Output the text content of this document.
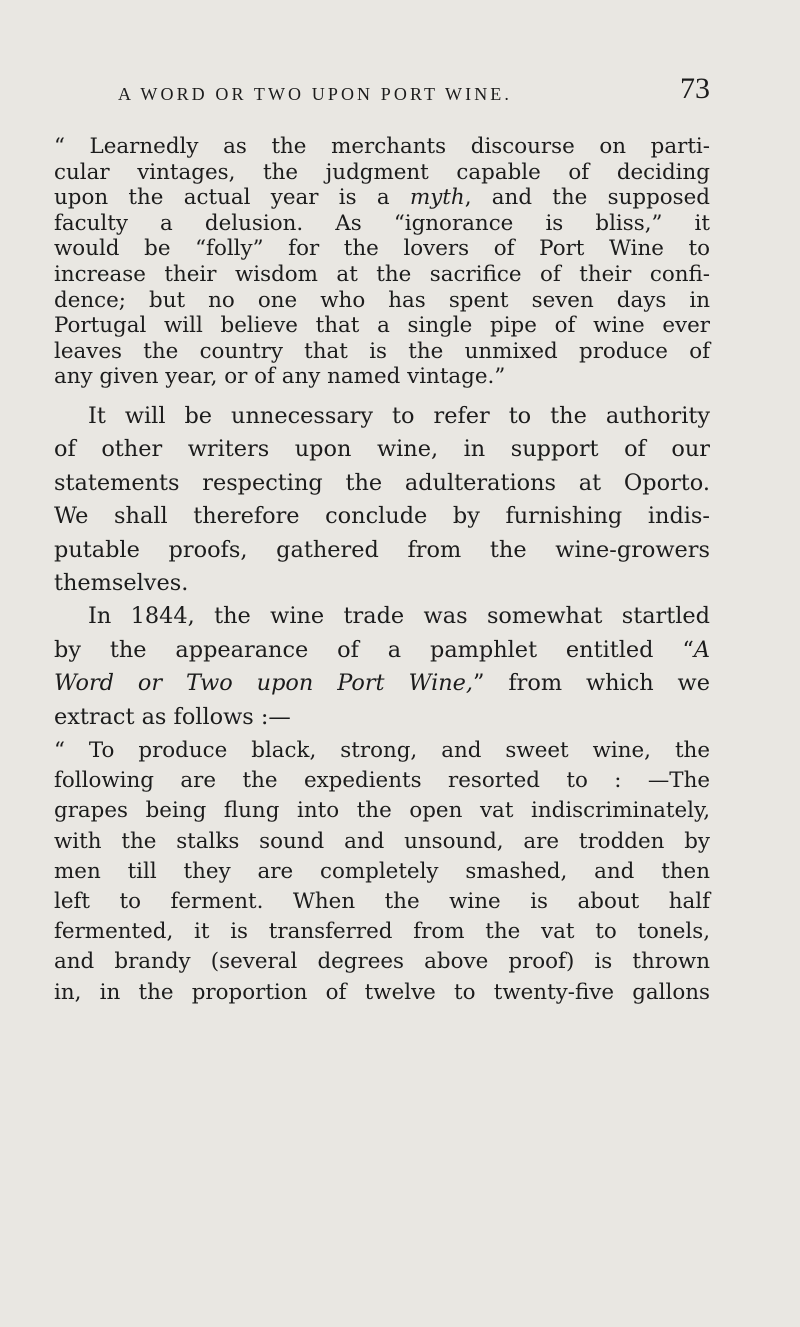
A WORD OR TWO UPON PORT WINE.	73

“ Learnedly as the merchants discourse on parti-
cular vintages, the judgment capable of deciding
upon the actual year is a myth, and the supposed
faculty a delusion. As “ignorance is bliss,” it
would be “folly” for the lovers of Port Wine to
increase their wisdom at the sacrifice of their confi-
dence; but no one who has spent seven days in
Portugal will believe that a single pipe of wine ever
leaves the country that is the unmixed produce of
any given year, or of any named vintage.”

It will be unnecessary to refer to the authority
of other writers upon wine, in support of our
statements respecting the adulterations at Oporto.
We shall therefore conclude by furnishing indis-
putable proofs, gathered from the wine-growers
themselves.

In 1844, the wine trade was somewhat startled
by the appearance of a pamphlet entitled “A
Word or Two upon Port Wine,” from which we
extract as follows :—

“ To produce black, strong, and sweet wine, the
following are the expedients resorted to : —The
grapes being flung into the open vat indiscriminately,
with the stalks sound and unsound, are trodden by
men till they are completely smashed, and then
left to ferment. When the wine is about half
fermented, it is transferred from the vat to tonels,
and brandy (several degrees above proof) is thrown
in, in the proportion of twelve to twenty-five gallons
